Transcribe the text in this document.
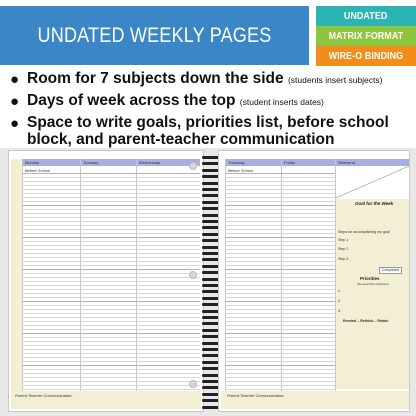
UNDATED WEEKLY PAGES
UNDATED
MATRIX FORMAT
WIRE-O BINDING
● Room for 7 subjects down the side (students insert subjects)
● Days of week across the top (student inserts dates)
● Space to write goals, priorities list, before school
block, and parent-teacher communication
Monday	Tuesday	Wednesday
Before School
Parent-Teacher Communication:
Thursday	Friday	Weekend
Before School
Goal for the Week
Steps for accomplishing my goal
Step 1
Step 2
Step 3
Completed!
Priorities
(General Plan Attention)
1.
2.
3.
Remind – Rethink – Retain
Parent-Teacher Communication:
